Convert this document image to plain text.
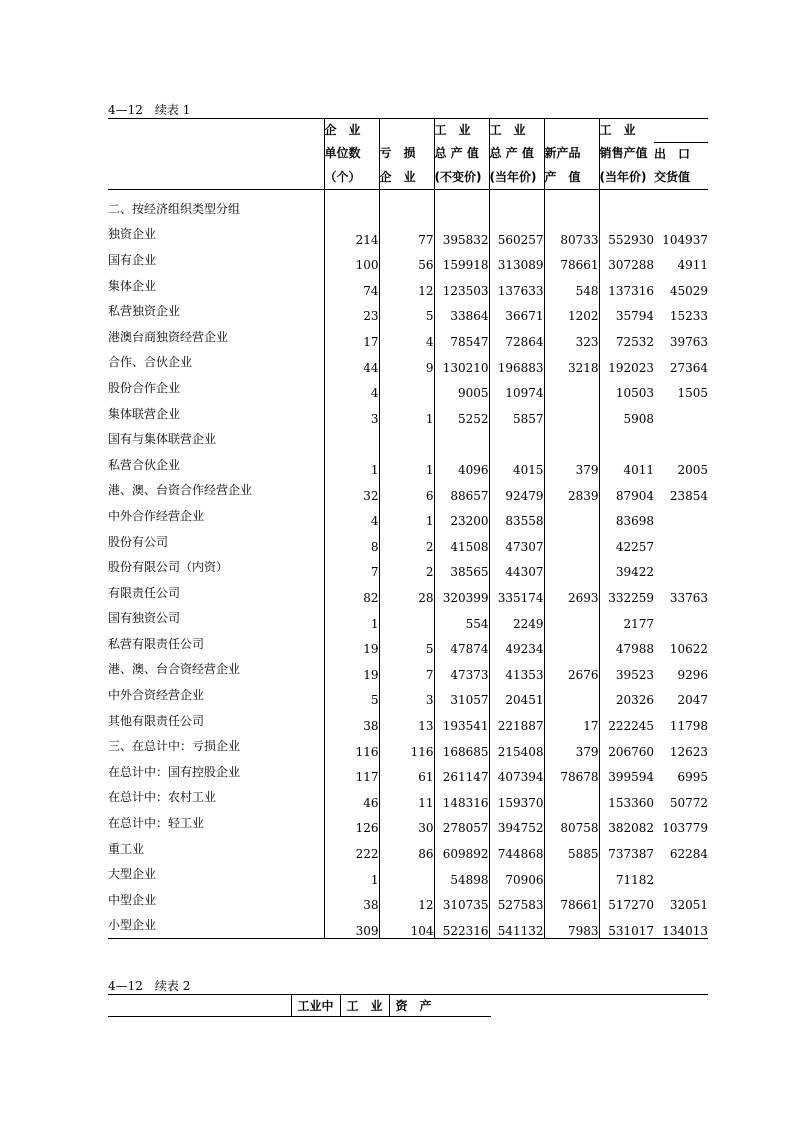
4—12　续表 1
	企　业		工　业	工　业		工　业	
	单位数	亏　损	总 产 值	总 产 值	新产品	销售产值	出　口
	（个）	企　业	(不变价)	(当年价)	产　值	(当年价)	交货值
二、按经济组织类型分组							
独资企业	214	77	395832	560257	80733	552930	104937
国有企业	100	56	159918	313089	78661	307288	4911
集体企业	74	12	123503	137633	548	137316	45029
私营独资企业	23	5	33864	36671	1202	35794	15233
港澳台商独资经营企业	17	4	78547	72864	323	72532	39763
合作、合伙企业	44	9	130210	196883	3218	192023	27364
股份合作企业	4		9005	10974		10503	1505
集体联营企业	3	1	5252	5857		5908	
国有与集体联营企业							
私营合伙企业	1	1	4096	4015	379	4011	2005
港、澳、台资合作经营企业	32	6	88657	92479	2839	87904	23854
中外合作经营企业	4	1	23200	83558		83698	
股份有公司	8	2	41508	47307		42257	
股份有限公司（内资）	7	2	38565	44307		39422	
有限责任公司	82	28	320399	335174	2693	332259	33763
国有独资公司	1		554	2249		2177	
私营有限责任公司	19	5	47874	49234		47988	10622
港、澳、台合资经营企业	19	7	47373	41353	2676	39523	9296
中外合资经营企业	5	3	31057	20451		20326	2047
其他有限责任公司	38	13	193541	221887	17	222245	11798
三、在总计中：亏损企业	116	116	168685	215408	379	206760	12623
在总计中：国有控股企业	117	61	261147	407394	78678	399594	6995
在总计中：农村工业	46	11	148316	159370		153360	50772
在总计中：轻工业	126	30	278057	394752	80758	382082	103779
重工业	222	86	609892	744868	5885	737387	62284
大型企业	1		54898	70906		71182	
中型企业	38	12	310735	527583	78661	517270	32051
小型企业	309	104	522316	541132	7983	531017	134013
4—12　续表 2
	工业中	工　业	资　产	
